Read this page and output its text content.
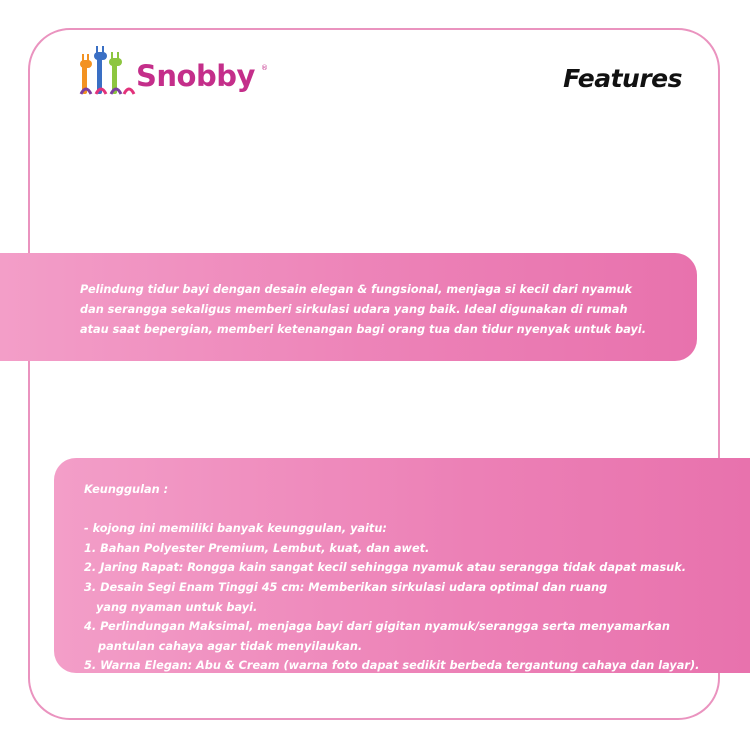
Snobby ®	Features

Pelindung tidur bayi dengan desain elegan & fungsional, menjaga si kecil dari nyamuk

dan serangga sekaligus memberi sirkulasi udara yang baik. Ideal digunakan di rumah

atau saat bepergian, memberi ketenangan bagi orang tua dan tidur nyenyak untuk bayi.

Keunggulan :

- kojong ini memiliki banyak keunggulan, yaitu:

1. Bahan Polyester Premium, Lembut, kuat, dan awet.

2. Jaring Rapat: Rongga kain sangat kecil sehingga nyamuk atau serangga tidak dapat masuk.

3. Desain Segi Enam Tinggi 45 cm: Memberikan sirkulasi udara optimal dan ruang

yang nyaman untuk bayi.

4. Perlindungan Maksimal, menjaga bayi dari gigitan nyamuk/serangga serta menyamarkan

pantulan cahaya agar tidak menyilaukan.

5. Warna Elegan: Abu & Cream (warna foto dapat sedikit berbeda tergantung cahaya dan layar).
